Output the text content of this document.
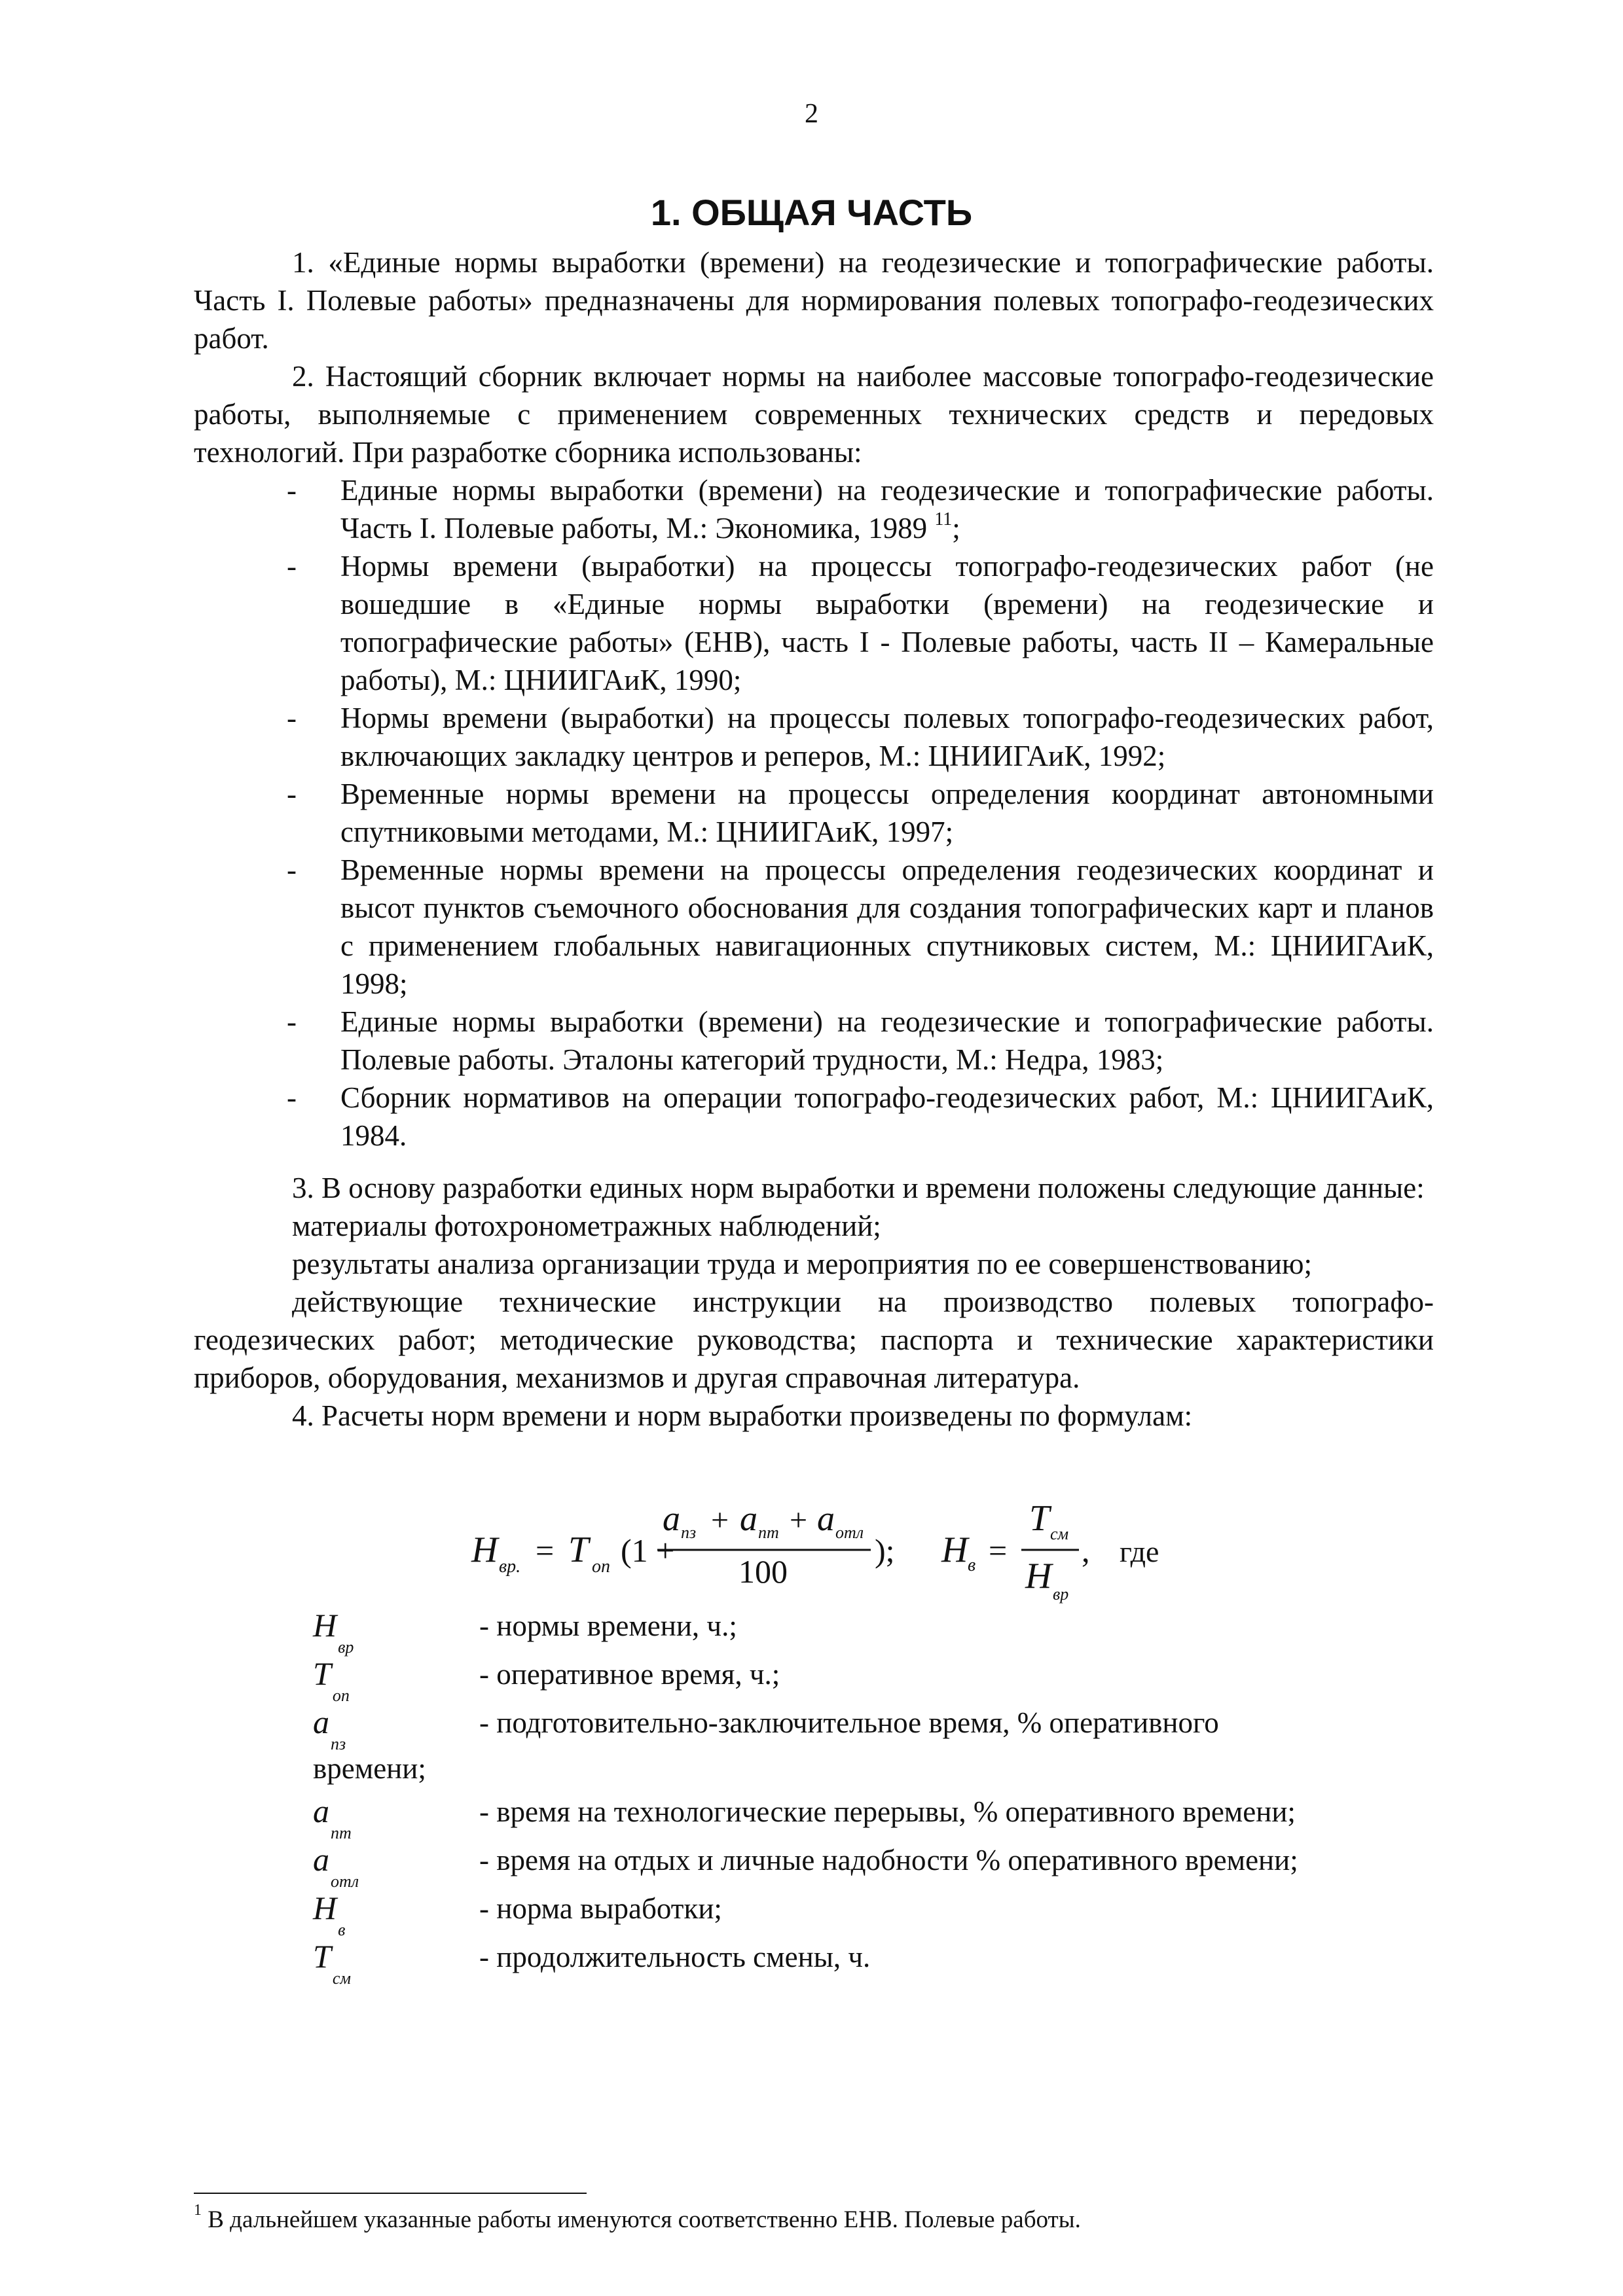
2
1. ОБЩАЯ ЧАСТЬ

1. «Единые нормы выработки (времени) на геодезические и топографические работы. Часть I. Полевые работы» предназначены для нормирования полевых топографо-геодезических работ.

2. Настоящий сборник включает нормы на наиболее массовые топографо-геодезические работы, выполняемые с применением современных технических средств и передовых технологий. При разработке сборника использованы:

- Единые нормы выработки (времени) на геодезические и топографические работы. Часть I. Полевые работы, М.: Экономика, 1989 $^{11}$;
- Нормы времени (выработки) на процессы топографо-геодезических работ (не вошедшие в «Единые нормы выработки (времени) на геодезические и топографические работы» (ЕНВ), часть I - Полевые работы, часть II – Камеральные работы), М.: ЦНИИГАиК, 1990;
- Нормы времени (выработки) на процессы полевых топографо-геодезических работ, включающих закладку центров и реперов, М.: ЦНИИГАиК, 1992;
- Временные нормы времени на процессы определения координат автономными спутниковыми методами, М.: ЦНИИГАиК, 1997;
- Временные нормы времени на процессы определения геодезических координат и высот пунктов съемочного обоснования для создания топографических карт и планов с применением глобальных навигационных спутниковых систем, М.: ЦНИИГАиК, 1998;
- Единые нормы выработки (времени) на геодезические и топографические работы. Полевые работы. Эталоны категорий трудности, М.: Недра, 1983;
- Сборник нормативов на операции топографо-геодезических работ, М.: ЦНИИГАиК, 1984.

3. В основу разработки единых норм выработки и времени положены следующие данные:

материалы фотохронометражных наблюдений;

результаты анализа организации труда и мероприятия по ее совершенствованию;

действующие технические инструкции на производство полевых топографо-геодезических работ; методические руководства; паспорта и технические характеристики приборов, оборудования, механизмов и другая справочная литература.

4. Расчеты норм времени и норм выработки произведены по формулам:

H вр. = T оп (1 +
a пз + a пт + a отл
100
); H в =
T см
H вр
, где
$H_{вр}$
- нормы времени, ч.;
$T_{оп}$
- оперативное время, ч.;
$a_{пз}$
- подготовительно-заключительное время, % оперативного
времени;
$a_{пт}$
- время на технологические перерывы, % оперативного времени;
$a_{отл}$
- время на отдых и личные надобности % оперативного времени;
$H_в$
- норма выработки;
$T_{см}$
- продолжительность смены, ч.
$^1$ В дальнейшем указанные работы именуются соответственно ЕНВ. Полевые работы.
